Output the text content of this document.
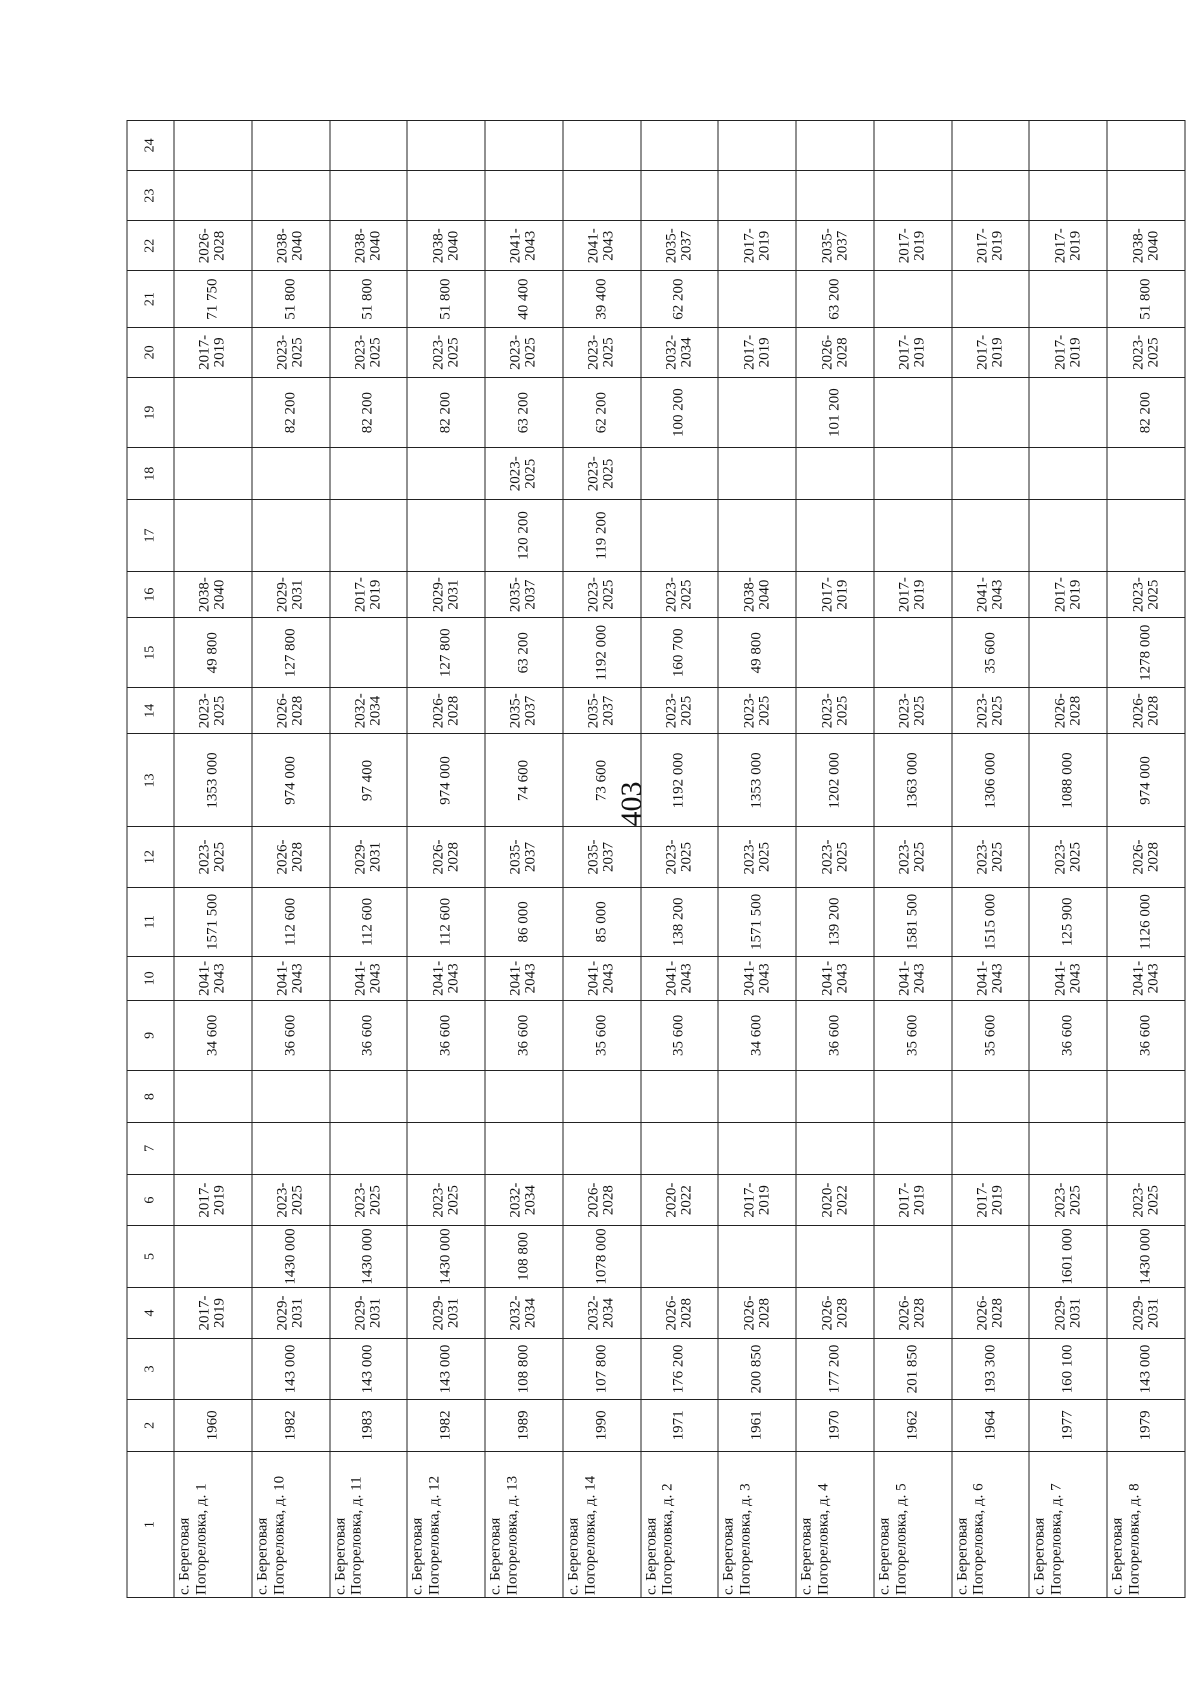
403
1	2	3	4	5	6	7	8	9	10	11	12	13	14	15	16	17	18	19	20	21	22	23	24
с. Береговая Погореловка, д. 1	1960		2017-2019		2017-2019			34 600	2041-2043	1571 500	2023-2025	1353 000	2023-2025	49 800	2038-2040				2017-2019	71 750	2026-2028		
с. Береговая Погореловка, д. 10	1982	143 000	2029-2031	1430 000	2023-2025			36 600	2041-2043	112 600	2026-2028	974 000	2026-2028	127 800	2029-2031			82 200	2023-2025	51 800	2038-2040		
с. Береговая Погореловка, д. 11	1983	143 000	2029-2031	1430 000	2023-2025			36 600	2041-2043	112 600	2029-2031	97 400	2032-2034		2017-2019			82 200	2023-2025	51 800	2038-2040		
с. Береговая Погореловка, д. 12	1982	143 000	2029-2031	1430 000	2023-2025			36 600	2041-2043	112 600	2026-2028	974 000	2026-2028	127 800	2029-2031			82 200	2023-2025	51 800	2038-2040		
с. Береговая Погореловка, д. 13	1989	108 800	2032-2034	108 800	2032-2034			36 600	2041-2043	86 000	2035-2037	74 600	2035-2037	63 200	2035-2037	120 200	2023-2025	63 200	2023-2025	40 400	2041-2043		
с. Береговая Погореловка, д. 14	1990	107 800	2032-2034	1078 000	2026-2028			35 600	2041-2043	85 000	2035-2037	73 600	2035-2037	1192 000	2023-2025	119 200	2023-2025	62 200	2023-2025	39 400	2041-2043		
с. Береговая Погореловка, д. 2	1971	176 200	2026-2028		2020-2022			35 600	2041-2043	138 200	2023-2025	1192 000	2023-2025	160 700	2023-2025			100 200	2032-2034	62 200	2035-2037		
с. Береговая Погореловка, д. 3	1961	200 850	2026-2028		2017-2019			34 600	2041-2043	1571 500	2023-2025	1353 000	2023-2025	49 800	2038-2040				2017-2019		2017-2019		
с. Береговая Погореловка, д. 4	1970	177 200	2026-2028		2020-2022			36 600	2041-2043	139 200	2023-2025	1202 000	2023-2025		2017-2019			101 200	2026-2028	63 200	2035-2037		
с. Береговая Погореловка, д. 5	1962	201 850	2026-2028		2017-2019			35 600	2041-2043	1581 500	2023-2025	1363 000	2023-2025		2017-2019				2017-2019		2017-2019		
с. Береговая Погореловка, д. 6	1964	193 300	2026-2028		2017-2019			35 600	2041-2043	1515 000	2023-2025	1306 000	2023-2025	35 600	2041-2043				2017-2019		2017-2019		
с. Береговая Погореловка, д. 7	1977	160 100	2029-2031	1601 000	2023-2025			36 600	2041-2043	125 900	2023-2025	1088 000	2026-2028		2017-2019				2017-2019		2017-2019		
с. Береговая Погореловка, д. 8	1979	143 000	2029-2031	1430 000	2023-2025			36 600	2041-2043	1126 000	2026-2028	974 000	2026-2028	1278 000	2023-2025			82 200	2023-2025	51 800	2038-2040		
